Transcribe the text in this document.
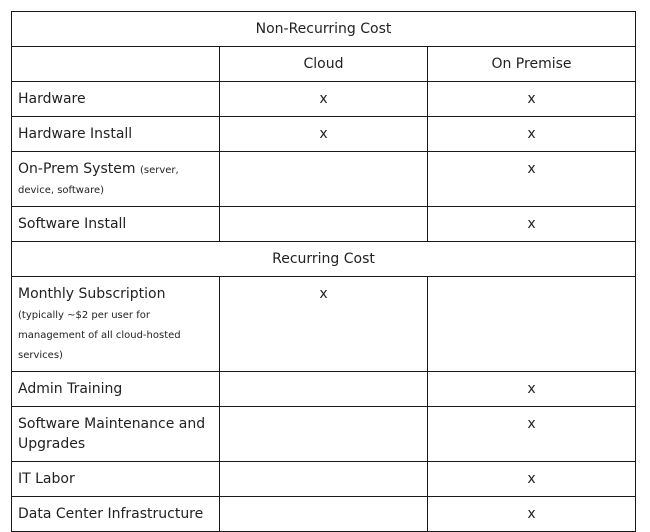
Non-Recurring Cost		
	Cloud	On Premise
Hardware	x	x
Hardware Install	x	x
On-Prem System (server, device, software)		x
Software Install		x
Recurring Cost		
Monthly Subscription (typically ~$2 per user for management of all cloud-hosted services)	x	
Admin Training		x
Software Maintenance and Upgrades		x
IT Labor		x
Data Center Infrastructure		x
